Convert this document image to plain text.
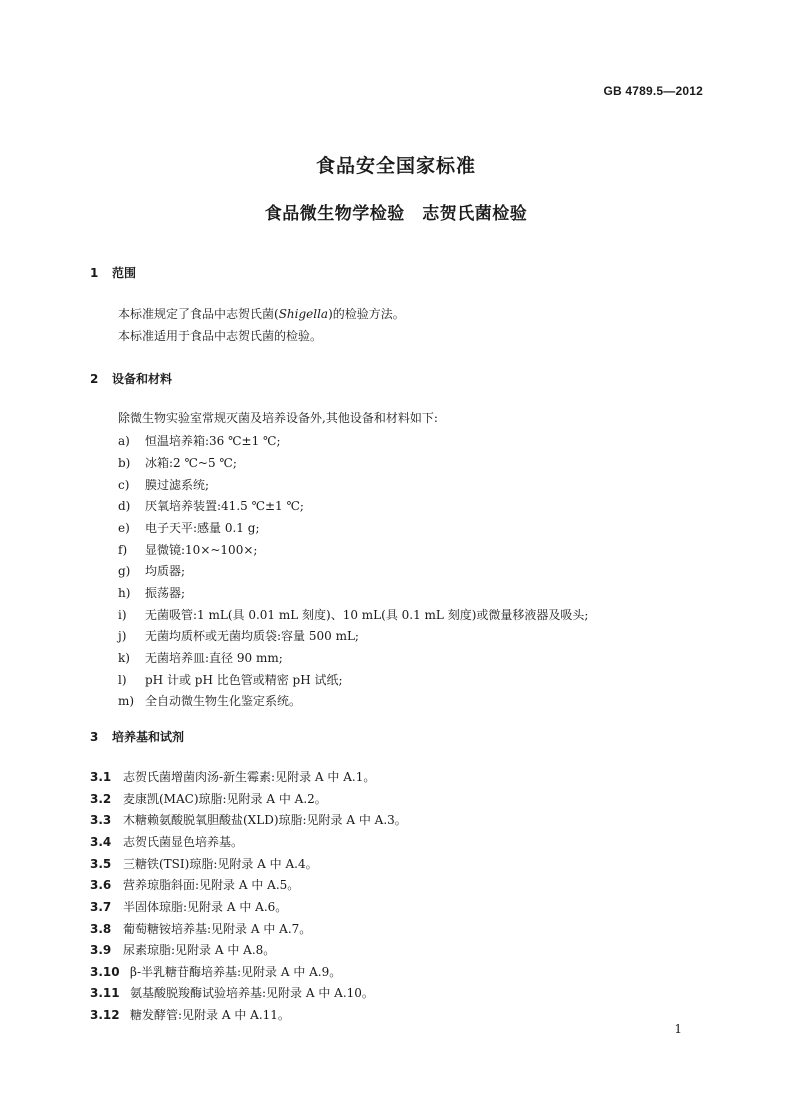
GB 4789.5—2012
食品安全国家标准
食品微生物学检验　志贺氏菌检验
1 范围
本标准规定了食品中志贺氏菌(Shigella)的检验方法。
本标准适用于食品中志贺氏菌的检验。
2 设备和材料
除微生物实验室常规灭菌及培养设备外,其他设备和材料如下:
a) 恒温培养箱:36 ℃±1 ℃;
b) 冰箱:2 ℃~5 ℃;
c) 膜过滤系统;
d) 厌氧培养装置:41.5 ℃±1 ℃;
e) 电子天平:感量 0.1 g;
f) 显微镜:10×~100×;
g) 均质器;
h) 振荡器;
i) 无菌吸管:1 mL(具 0.01 mL 刻度)、10 mL(具 0.1 mL 刻度)或微量移液器及吸头;
j) 无菌均质杯或无菌均质袋:容量 500 mL;
k) 无菌培养皿:直径 90 mm;
l) pH 计或 pH 比色管或精密 pH 试纸;
m) 全自动微生物生化鉴定系统。
3 培养基和试剂
3.1 志贺氏菌增菌肉汤-新生霉素:见附录 A 中 A.1。
3.2 麦康凯(MAC)琼脂:见附录 A 中 A.2。
3.3 木糖赖氨酸脱氧胆酸盐(XLD)琼脂:见附录 A 中 A.3。
3.4 志贺氏菌显色培养基。
3.5 三糖铁(TSI)琼脂:见附录 A 中 A.4。
3.6 营养琼脂斜面:见附录 A 中 A.5。
3.7 半固体琼脂:见附录 A 中 A.6。
3.8 葡萄糖铵培养基:见附录 A 中 A.7。
3.9 尿素琼脂:见附录 A 中 A.8。
3.10 β-半乳糖苷酶培养基:见附录 A 中 A.9。
3.11 氨基酸脱羧酶试验培养基:见附录 A 中 A.10。
3.12 糖发酵管:见附录 A 中 A.11。
1
